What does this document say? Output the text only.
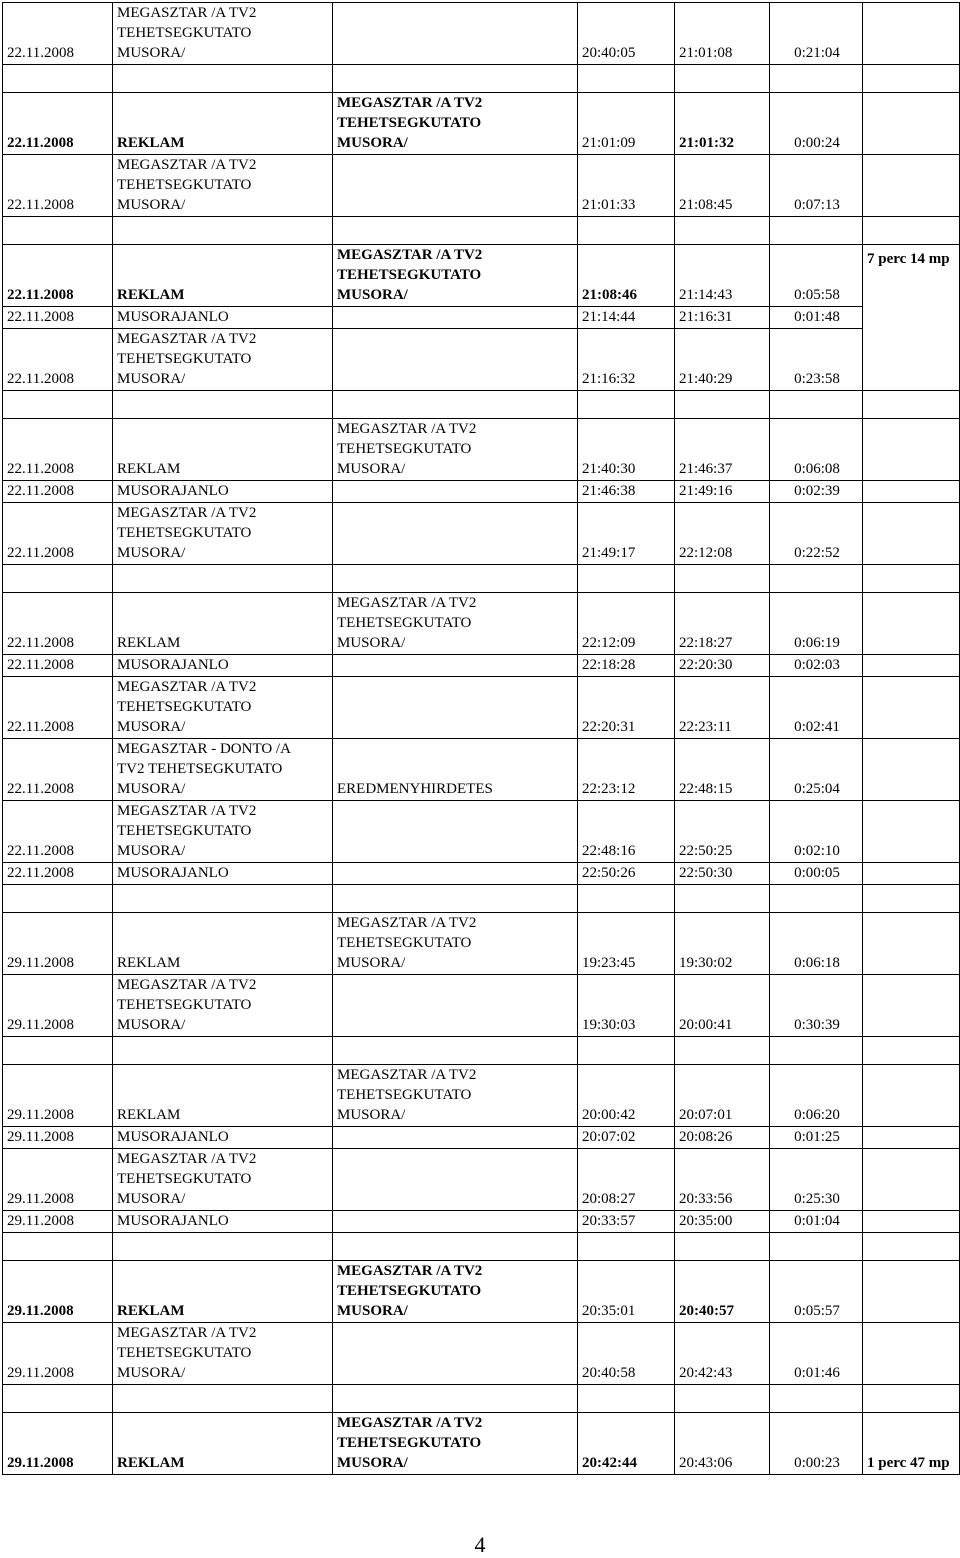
22.11.2008	MEGASZTAR /A TV2
TEHETSEGKUTATO
MUSORA/		20:40:05	21:01:08	0:21:04	

22.11.2008	REKLAM	MEGASZTAR /A TV2
TEHETSEGKUTATO
MUSORA/	21:01:09	21:01:32	0:00:24	
22.11.2008	MEGASZTAR /A TV2
TEHETSEGKUTATO
MUSORA/		21:01:33	21:08:45	0:07:13	

22.11.2008	REKLAM	MEGASZTAR /A TV2
TEHETSEGKUTATO
MUSORA/	21:08:46	21:14:43	0:05:58	7 perc 14 mp
22.11.2008	MUSORAJANLO		21:14:44	21:16:31	0:01:48	
22.11.2008	MEGASZTAR /A TV2
TEHETSEGKUTATO
MUSORA/		21:16:32	21:40:29	0:23:58	

22.11.2008	REKLAM	MEGASZTAR /A TV2
TEHETSEGKUTATO
MUSORA/	21:40:30	21:46:37	0:06:08	
22.11.2008	MUSORAJANLO		21:46:38	21:49:16	0:02:39	
22.11.2008	MEGASZTAR /A TV2
TEHETSEGKUTATO
MUSORA/		21:49:17	22:12:08	0:22:52	

22.11.2008	REKLAM	MEGASZTAR /A TV2
TEHETSEGKUTATO
MUSORA/	22:12:09	22:18:27	0:06:19	
22.11.2008	MUSORAJANLO		22:18:28	22:20:30	0:02:03	
22.11.2008	MEGASZTAR /A TV2
TEHETSEGKUTATO
MUSORA/		22:20:31	22:23:11	0:02:41	
22.11.2008	MEGASZTAR - DONTO /A
TV2 TEHETSEGKUTATO
MUSORA/	EREDMENYHIRDETES	22:23:12	22:48:15	0:25:04	
22.11.2008	MEGASZTAR /A TV2
TEHETSEGKUTATO
MUSORA/		22:48:16	22:50:25	0:02:10	
22.11.2008	MUSORAJANLO		22:50:26	22:50:30	0:00:05	

29.11.2008	REKLAM	MEGASZTAR /A TV2
TEHETSEGKUTATO
MUSORA/	19:23:45	19:30:02	0:06:18	
29.11.2008	MEGASZTAR /A TV2
TEHETSEGKUTATO
MUSORA/		19:30:03	20:00:41	0:30:39	

29.11.2008	REKLAM	MEGASZTAR /A TV2
TEHETSEGKUTATO
MUSORA/	20:00:42	20:07:01	0:06:20	
29.11.2008	MUSORAJANLO		20:07:02	20:08:26	0:01:25	
29.11.2008	MEGASZTAR /A TV2
TEHETSEGKUTATO
MUSORA/		20:08:27	20:33:56	0:25:30	
29.11.2008	MUSORAJANLO		20:33:57	20:35:00	0:01:04	

29.11.2008	REKLAM	MEGASZTAR /A TV2
TEHETSEGKUTATO
MUSORA/	20:35:01	20:40:57	0:05:57	
29.11.2008	MEGASZTAR /A TV2
TEHETSEGKUTATO
MUSORA/		20:40:58	20:42:43	0:01:46	

29.11.2008	REKLAM	MEGASZTAR /A TV2
TEHETSEGKUTATO
MUSORA/	20:42:44	20:43:06	0:00:23	1 perc 47 mp
4
